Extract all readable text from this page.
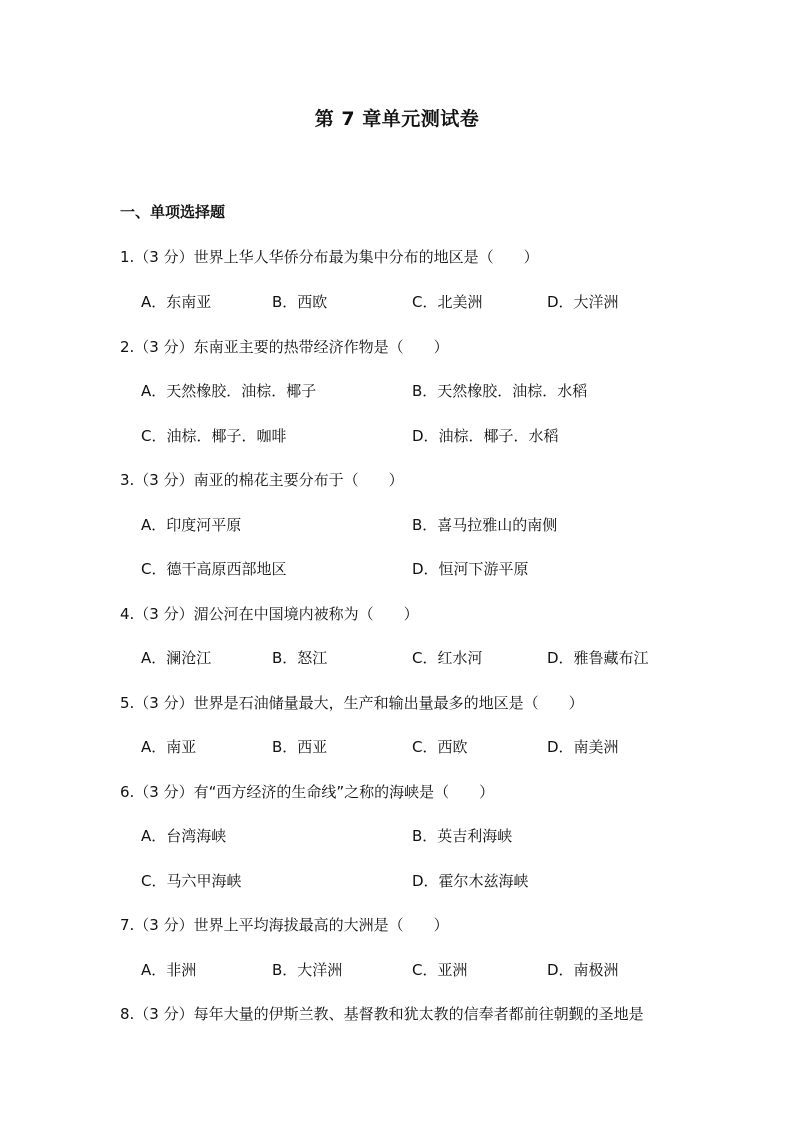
第 7 章单元测试卷
一、单项选择题
1.（3 分）世界上华人华侨分布最为集中分布的地区是（　　）
A．东南亚	B．西欧	C．北美洲	D．大洋洲
2.（3 分）东南亚主要的热带经济作物是（　　）
A．天然橡胶．油棕．椰子	B．天然橡胶．油棕．水稻
C．油棕．椰子．咖啡	D．油棕．椰子．水稻
3.（3 分）南亚的棉花主要分布于（　　）
A．印度河平原	B．喜马拉雅山的南侧
C．德干高原西部地区	D．恒河下游平原
4.（3 分）湄公河在中国境内被称为（　　）
A．澜沧江	B．怒江	C．红水河	D．雅鲁藏布江
5.（3 分）世界是石油储量最大，生产和输出量最多的地区是（　　）
A．南亚	B．西亚	C．西欧	D．南美洲
6.（3 分）有“西方经济的生命线”之称的海峡是（　　）
A．台湾海峡	B．英吉利海峡
C．马六甲海峡	D．霍尔木兹海峡
7.（3 分）世界上平均海拔最高的大洲是（　　）
A．非洲	B．大洋洲	C．亚洲	D．南极洲
8.（3 分）每年大量的伊斯兰教、基督教和犹太教的信奉者都前往朝觐的圣地是
